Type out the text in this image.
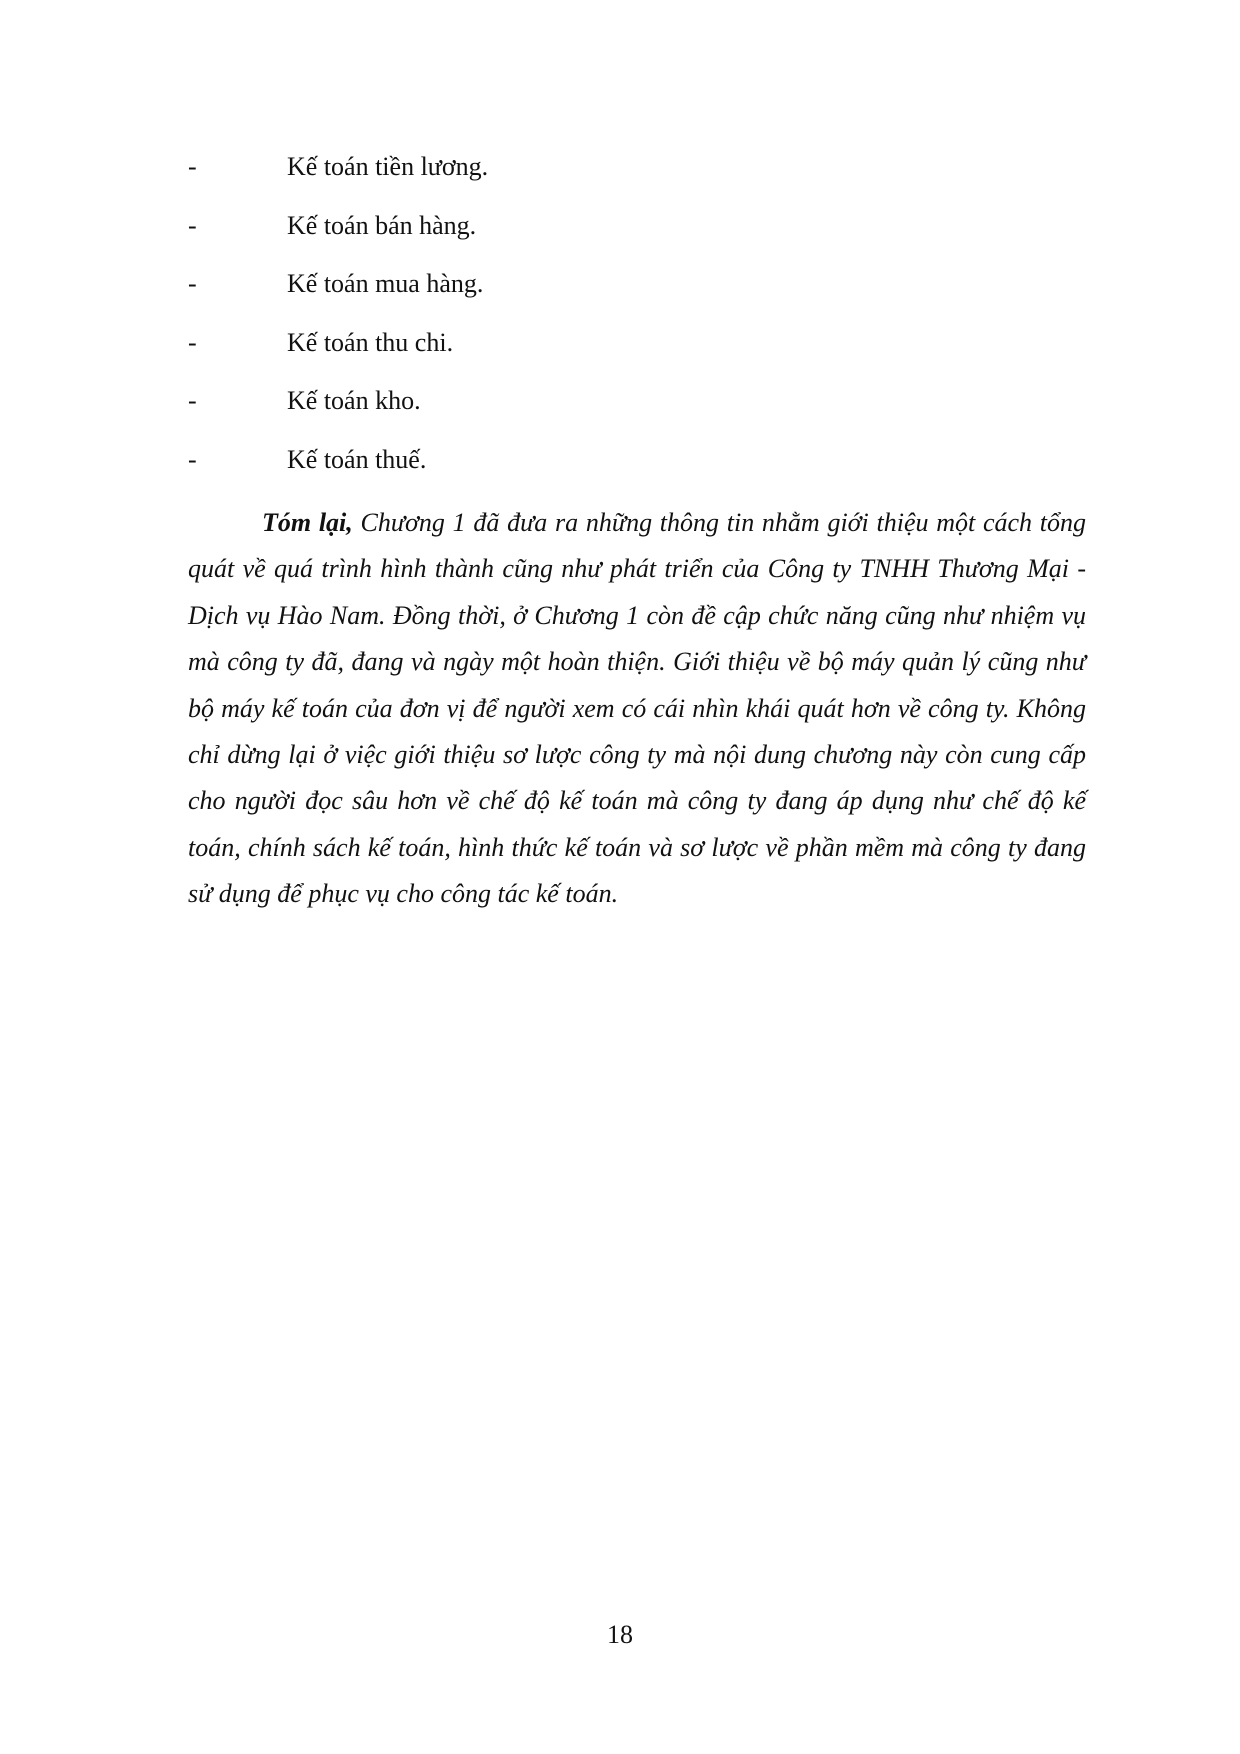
-	Kế toán tiền lương.
-	Kế toán bán hàng.
-	Kế toán mua hàng.
-	Kế toán thu chi.
-	Kế toán kho.
-	Kế toán thuế.

Tóm lại, Chương 1 đã đưa ra những thông tin nhằm giới thiệu một cách tổng quát về quá trình hình thành cũng như phát triển của Công ty TNHH Thương Mại - Dịch vụ Hào Nam. Đồng thời, ở Chương 1 còn đề cập chức năng cũng như nhiệm vụ mà công ty đã, đang và ngày một hoàn thiện. Giới thiệu về bộ máy quản lý cũng như bộ máy kế toán của đơn vị để người xem có cái nhìn khái quát hơn về công ty. Không chỉ dừng lại ở việc giới thiệu sơ lược công ty mà nội dung chương này còn cung cấp cho người đọc sâu hơn về chế độ kế toán mà công ty đang áp dụng như chế độ kế toán, chính sách kế toán, hình thức kế toán và sơ lược về phần mềm mà công ty đang sử dụng để phục vụ cho công tác kế toán.

18
